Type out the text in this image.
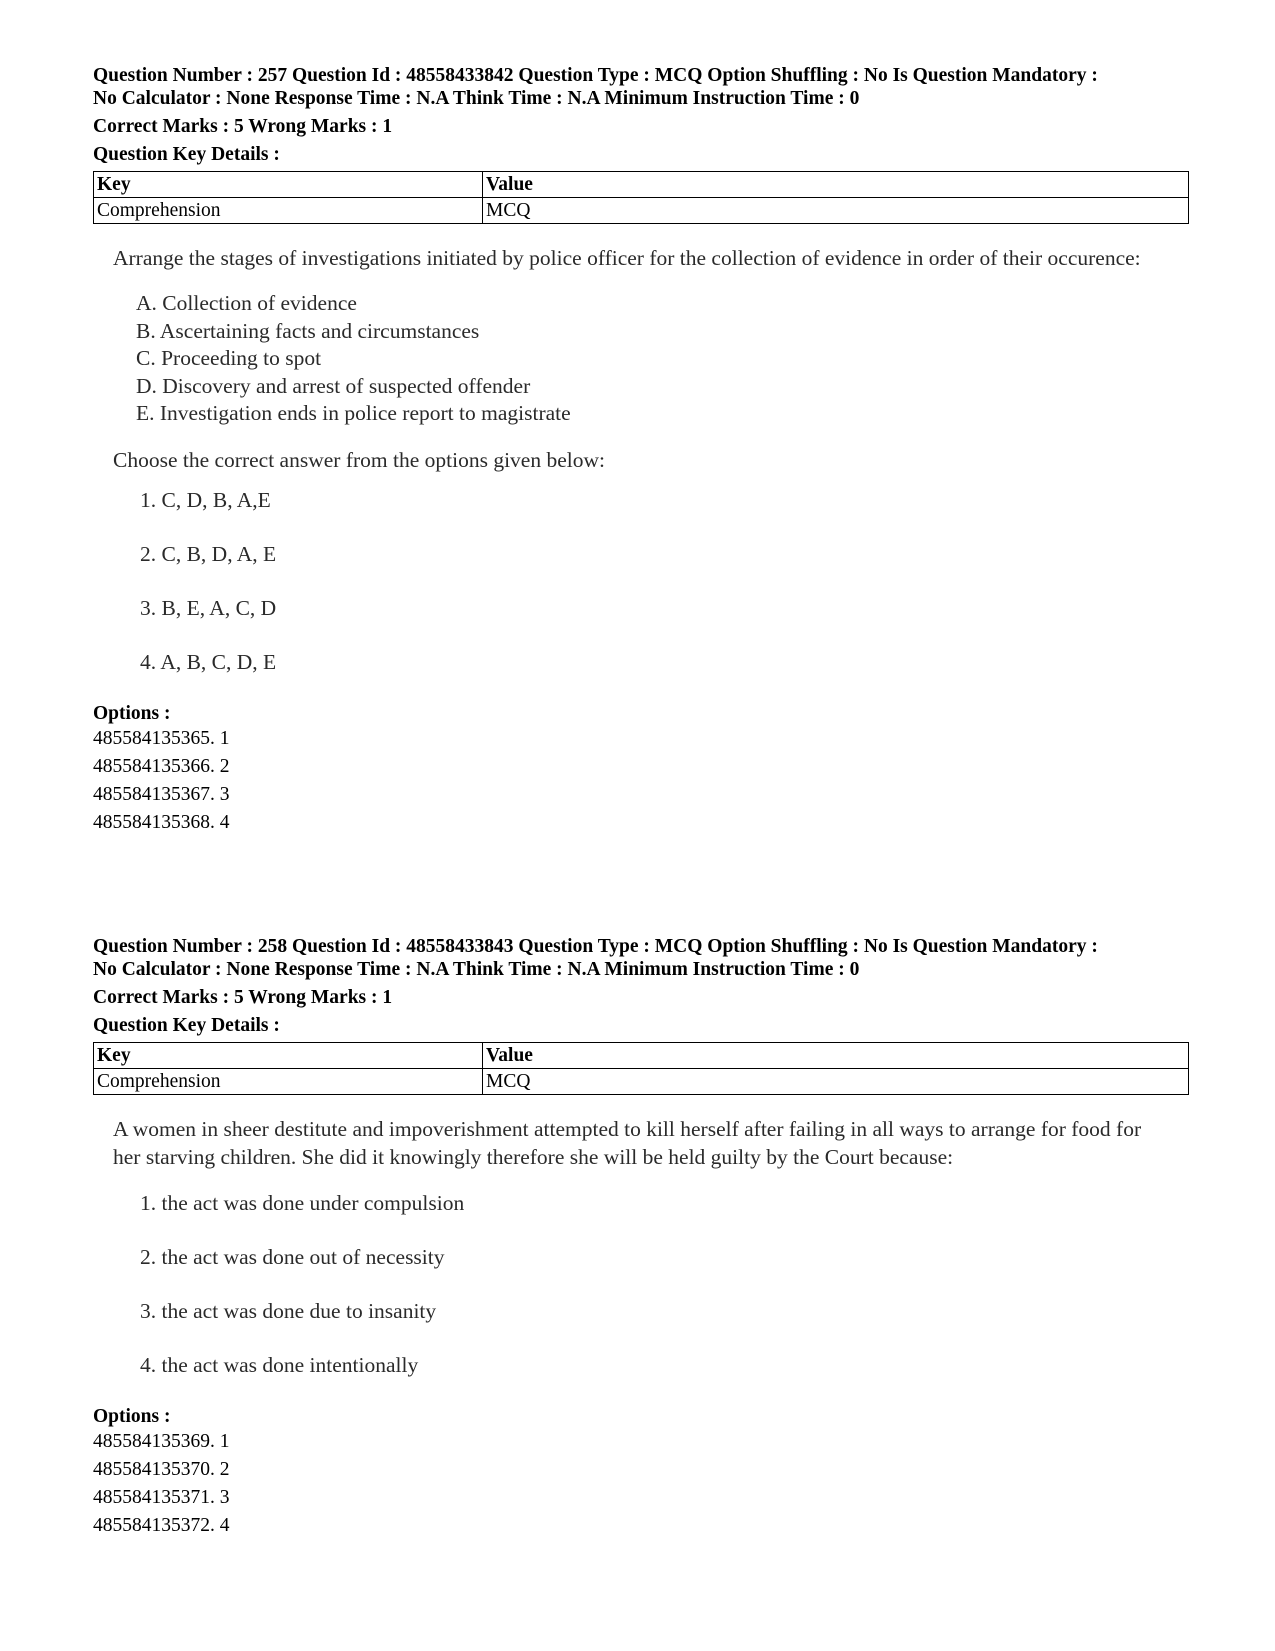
Question Number : 257 Question Id : 48558433842 Question Type : MCQ Option Shuffling : No Is Question Mandatory :
No Calculator : None Response Time : N.A Think Time : N.A Minimum Instruction Time : 0
Correct Marks : 5 Wrong Marks : 1
Question Key Details :
Key	Value
Comprehension	MCQ
Arrange the stages of investigations initiated by police officer for the collection of evidence in order of their occurence:
A. Collection of evidence
B. Ascertaining facts and circumstances
C. Proceeding to spot
D. Discovery and arrest of suspected offender
E. Investigation ends in police report to magistrate
Choose the correct answer from the options given below:
1. C, D, B, A,E
2. C, B, D, A, E
3. B, E, A, C, D
4. A, B, C, D, E
Options :
485584135365. 1
485584135366. 2
485584135367. 3
485584135368. 4
Question Number : 258 Question Id : 48558433843 Question Type : MCQ Option Shuffling : No Is Question Mandatory :
No Calculator : None Response Time : N.A Think Time : N.A Minimum Instruction Time : 0
Correct Marks : 5 Wrong Marks : 1
Question Key Details :
Key	Value
Comprehension	MCQ
A women in sheer destitute and impoverishment attempted to kill herself after failing in all ways to arrange for food for her starving children. She did it knowingly therefore she will be held guilty by the Court because:
1. the act was done under compulsion
2. the act was done out of necessity
3. the act was done due to insanity
4. the act was done intentionally
Options :
485584135369. 1
485584135370. 2
485584135371. 3
485584135372. 4
